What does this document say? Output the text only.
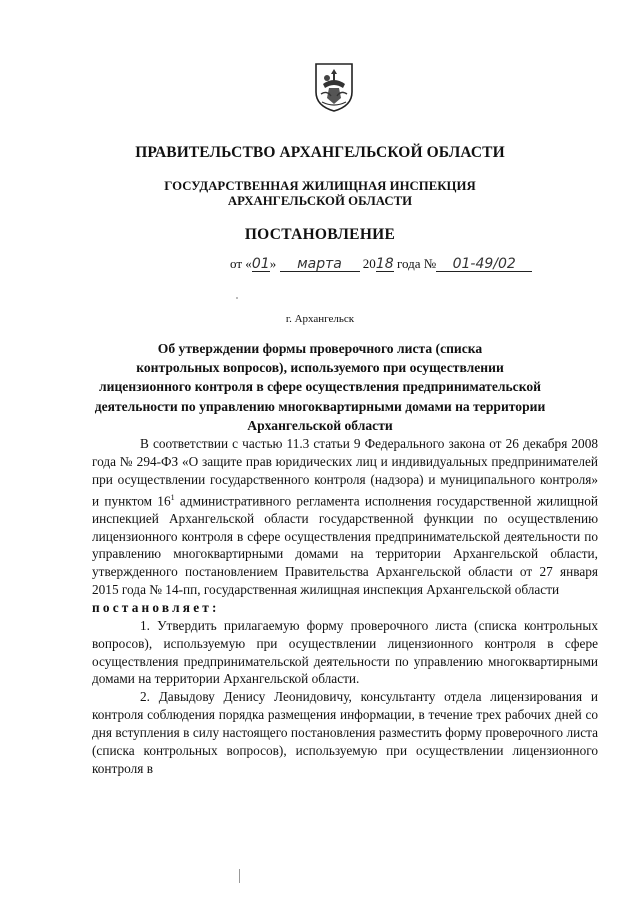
ПРАВИТЕЛЬСТВО АРХАНГЕЛЬСКОЙ ОБЛАСТИ
ГОСУДАРСТВЕННАЯ ЖИЛИЩНАЯ ИНСПЕКЦИЯ
АРХАНГЕЛЬСКОЙ ОБЛАСТИ
ПОСТАНОВЛЕНИЕ
от «01» марта 2018 года № 01-49/02
г. Архангельск
Об утверждении формы проверочного листа (списка
контрольных вопросов), используемого при осуществлении
лицензионного контроля в сфере осуществления предпринимательской
деятельности по управлению многоквартирными домами на территории
Архангельской области

В соответствии с частью 11.3 статьи 9 Федерального закона от 26 декабря 2008 года № 294-ФЗ «О защите прав юридических лиц и индивидуальных предпринимателей при осуществлении государственного контроля (надзора) и муниципального контроля» и пунктом $16^1$ административного регламента исполнения государственной жилищной инспекцией Архангельской области государственной функции по осуществлению лицензионного контроля в сфере осуществления предпринимательской деятельности по управлению многоквартирными домами на территории Архангельской области, утвержденного постановлением Правительства Архангельской области от 27 января 2015 года № 14-пп, государственная жилищная инспекция Архангельской области

постановляет:

1. Утвердить прилагаемую форму проверочного листа (списка контрольных вопросов), используемую при осуществлении лицензионного контроля в сфере осуществления предпринимательской деятельности по управлению многоквартирными домами на территории Архангельской области.

2. Давыдову Денису Леонидовичу, консультанту отдела лицензирования и контроля соблюдения порядка размещения информации, в течение трех рабочих дней со дня вступления в силу настоящего постановления разместить форму проверочного листа (списка контрольных вопросов), используемую при осуществлении лицензионного контроля в
